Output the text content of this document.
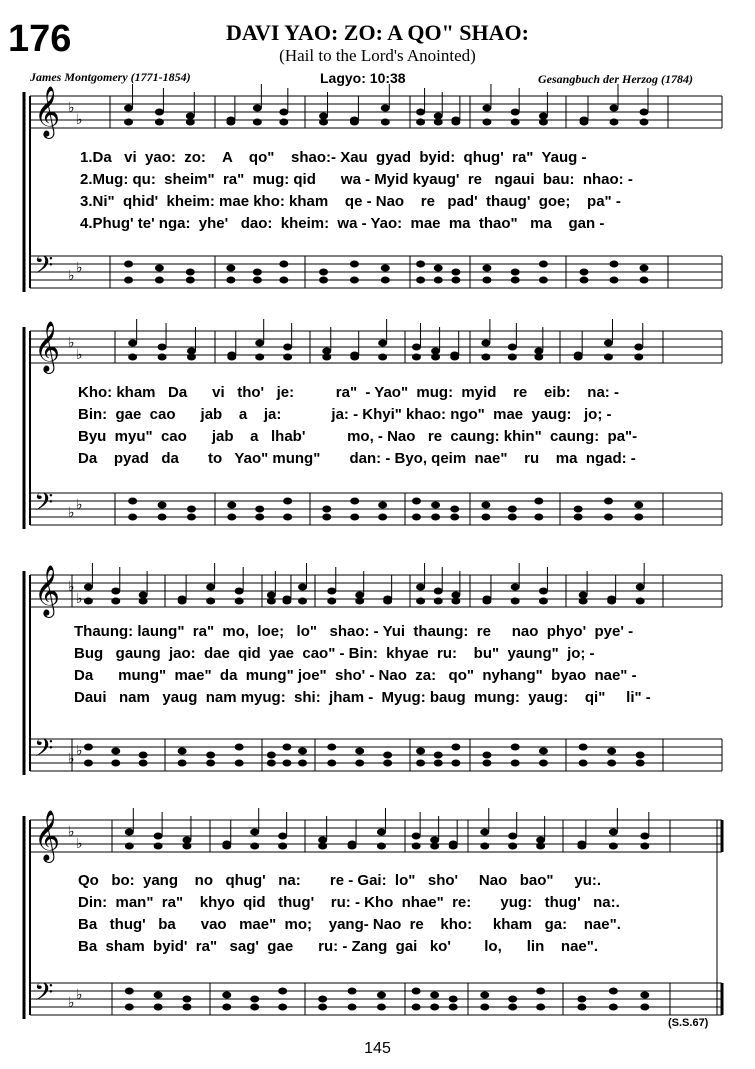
176	DAVI YAO: ZO: A QO" SHAO:
(Hail to the Lord's Anointed)
James Montgomery (1771-1854)	Lagyo: 10:38	Gesangbuch der Herzog (1784)
𝄞 ♭
♭
𝄢 ♭ ♭
𝄞 ♭
♭
𝄢 ♭ ♭
𝄞 ♭
♭
𝄢 ♭ ♭
𝄞 ♭
♭
𝄢 ♭ ♭
1.Da   vi  yao:  zo:    A    qo"    shao:- Xau  gyad  byid:  qhug'  ra"  Yaug -
2.Mug: qu:  sheim"  ra"  mug: qid      wa - Myid kyaug'  re   ngaui  bau:  nhao: -
3.Ni"  qhid'  kheim: mae kho: kham    qe - Nao    re   pad'  thaug'  goe;    pa" -
4.Phug' te' nga:  yhe'   dao:  kheim:  wa - Yao:  mae  ma  thao"   ma    gan -
Kho: kham   Da      vi   tho'   je:          ra"  - Yao"  mug:  myid    re    eib:    na: -
Bin:  gae  cao      jab    a    ja:            ja: - Khyi" khao: ngo"  mae  yaug:   jo; -
Byu  myu"  cao      jab    a   lhab'          mo, - Nao   re  caung: khin"  caung:  pa"-
Da    pyad   da       to   Yao" mung"       dan: - Byo, qeim  nae"    ru    ma  ngad: -
Thaung: laung"  ra"  mo,  loe;   lo"   shao: - Yui  thaung:  re     nao  phyo'  pye' -
Bug   gaung  jao:  dae  qid  yae  cao" - Bin:  khyae  ru:    bu"  yaung"  jo; -
Da      mung"  mae"  da  mung" joe"  sho' - Nao  za:   qo"  nyhang"  byao  nae" -
Daui   nam   yaug  nam myug:  shi:  jham -  Myug: baug  mung:  yaug:    qi"     li" -
Qo   bo:  yang    no   qhug'   na:       re - Gai:  lo"   sho'     Nao   bao"     yu:.
Din:  man"  ra"    khyo  qid   thug'    ru: - Kho  nhae"  re:       yug:   thug'   na:.
Ba   thug'   ba      vao   mae"  mo;    yang- Nao  re    kho:     kham   ga:    nae".
Ba  sham  byid'  ra"   sag'  gae      ru: - Zang  gai   ko'        lo,      lin    nae".
(S.S.67)
145
